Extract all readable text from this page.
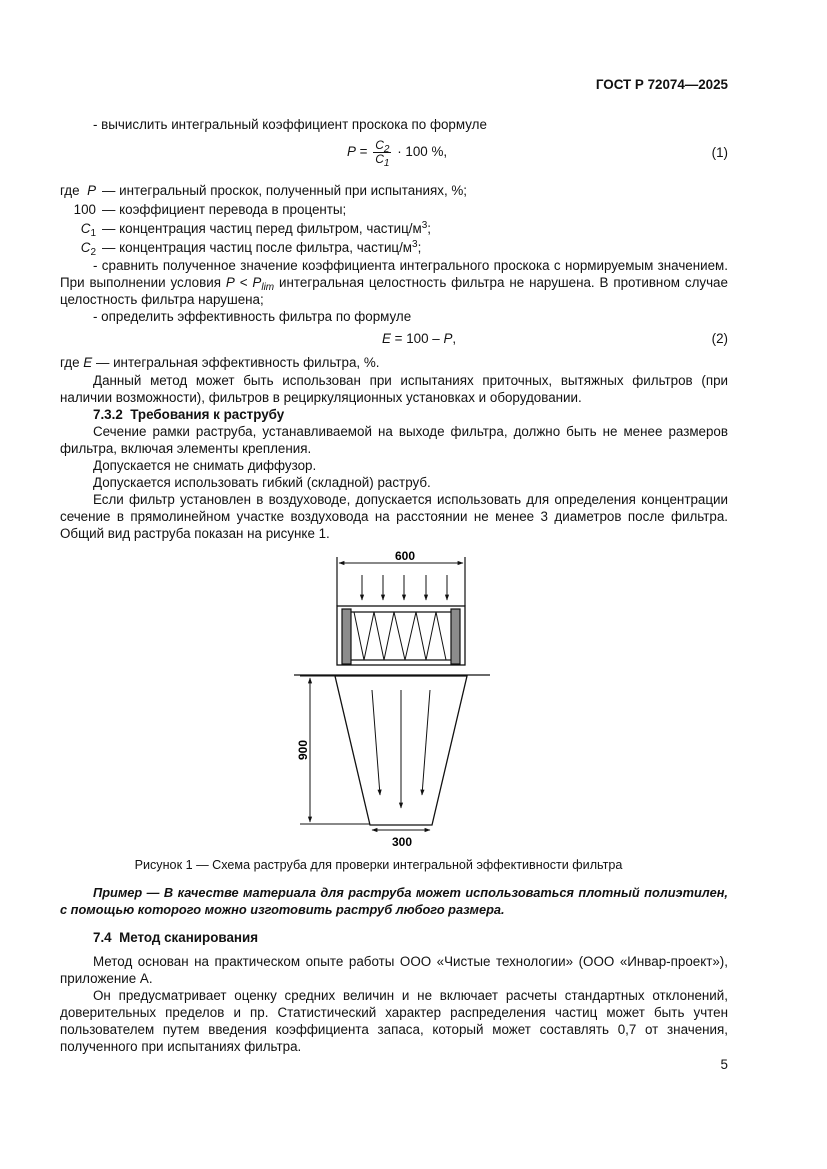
ГОСТ Р 72074—2025
- вычислить интегральный коэффициент проскока по формуле
$P = \frac{C_2}{C_1} \cdot 100$ %,	(1)
где P — интегральный проскок, полученный при испытаниях, %;
100 — коэффициент перевода в проценты;
$C_1$ — концентрация частиц перед фильтром, частиц/$м^3$;
$C_2$ — концентрация частиц после фильтра, частиц/$м^3$;
- сравнить полученное значение коэффициента интегрального проскока с нормируемым значением. При выполнении условия $P < P_{lim}$ интегральная целостность фильтра не нарушена. В противном случае целостность фильтра нарушена;
- определить эффективность фильтра по формуле
E = 100 – P,	(2)
где E — интегральная эффективность фильтра, %.
Данный метод может быть использован при испытаниях приточных, вытяжных фильтров (при наличии возможности), фильтров в рециркуляционных установках и оборудовании.
7.3.2 Требования к раструбу
Сечение рамки раструба, устанавливаемой на выходе фильтра, должно быть не менее размеров фильтра, включая элементы крепления.
Допускается не снимать диффузор.
Допускается использовать гибкий (складной) раструб.
Если фильтр установлен в воздуховоде, допускается использовать для определения концентрации сечение в прямолинейном участке воздуховода на расстоянии не менее 3 диаметров после фильтра. Общий вид раструба показан на рисунке 1.
600
900
300
Рисунок 1 — Схема раструба для проверки интегральной эффективности фильтра
Пример — В качестве материала для раструба может использоваться плотный полиэтилен, с помощью которого можно изготовить раструб любого размера.
7.4 Метод сканирования
Метод основан на практическом опыте работы ООО «Чистые технологии» (ООО «Инвар-проект»), приложение А.
Он предусматривает оценку средних величин и не включает расчеты стандартных отклонений, доверительных пределов и пр. Статистический характер распределения частиц может быть учтен пользователем путем введения коэффициента запаса, который может составлять 0,7 от значения, полученного при испытаниях фильтра.
5
